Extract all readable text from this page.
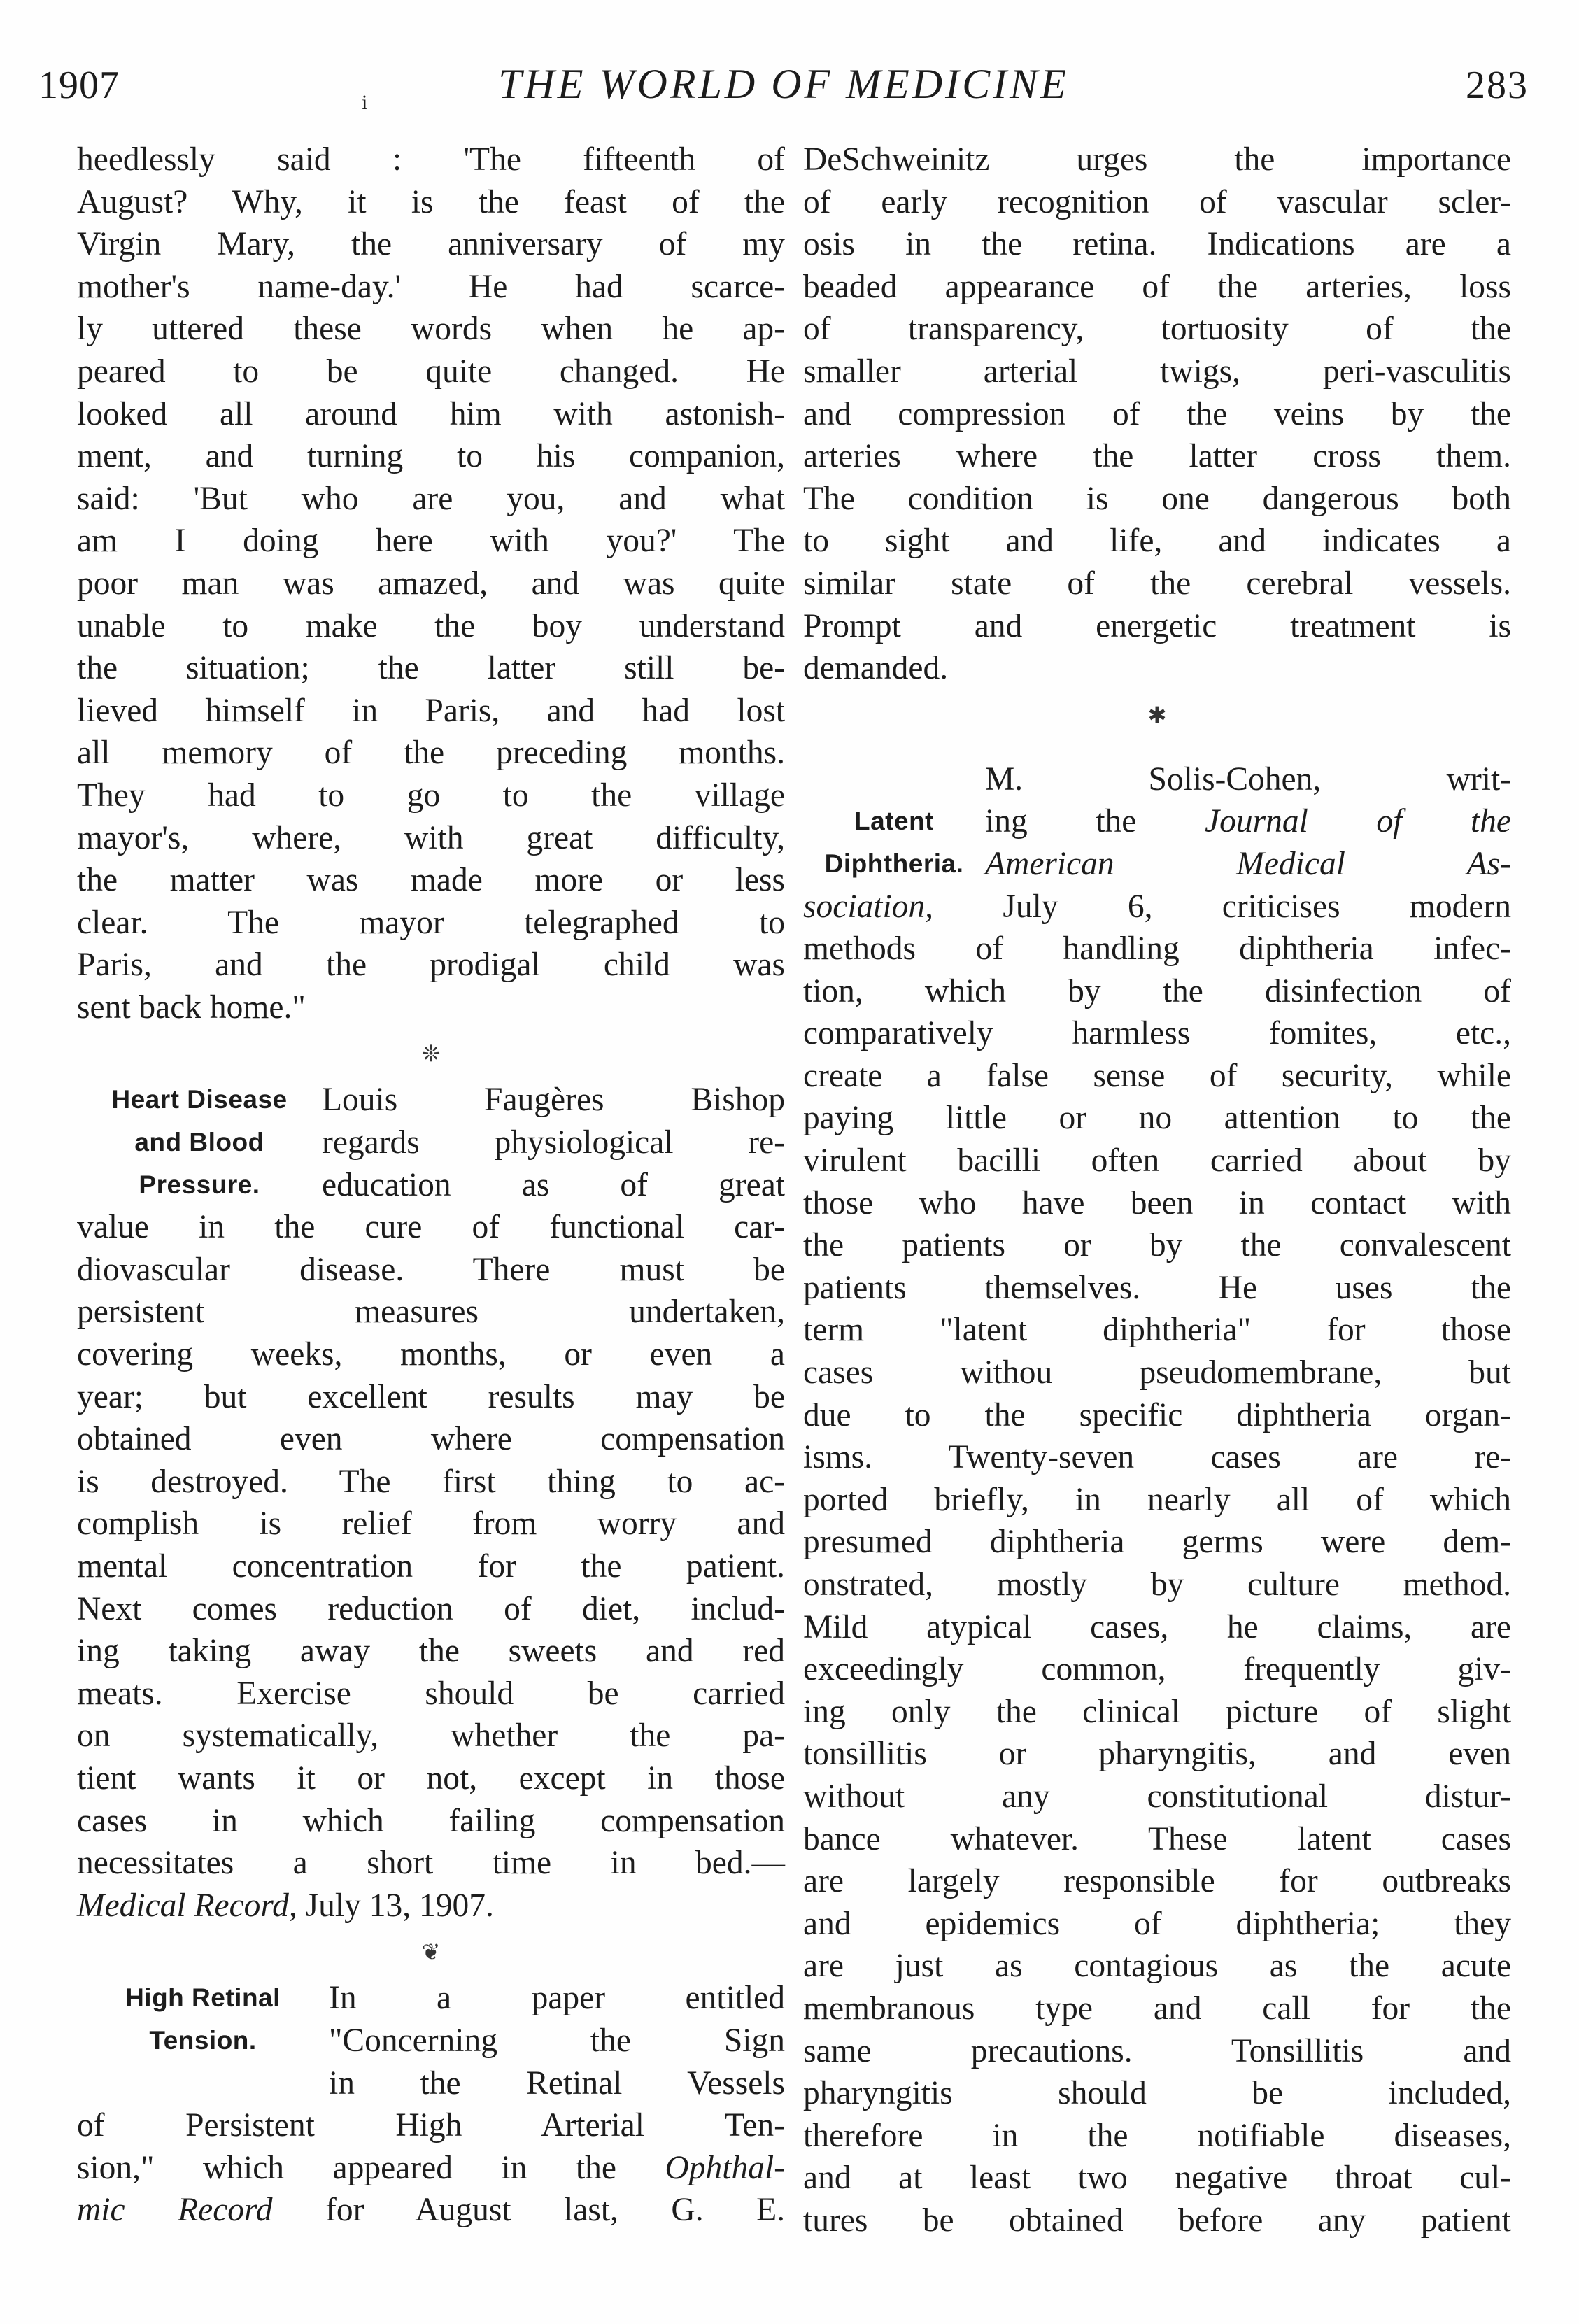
1907	i	THE WORLD OF MEDICINE	283
heedlessly said : 'The fifteenth of
August? Why, it is the feast of the
Virgin Mary, the anniversary of my
mother's name-day.' He had scarce-
ly uttered these words when he ap-
peared to be quite changed. He
looked all around him with astonish-
ment, and turning to his companion,
said: 'But who are you, and what
am I doing here with you?' The
poor man was amazed, and was quite
unable to make the boy understand
the situation; the latter still be-
lieved himself in Paris, and had lost
all memory of the preceding months.
They had to go to the village
mayor's, where, with great difficulty,
the matter was made more or less
clear. The mayor telegraphed to
Paris, and the prodigal child was
sent back home."
❊
Heart Disease	Louis Faugères Bishop
and Blood	regards physiological re-
Pressure.	education as of great
value in the cure of functional car-
diovascular disease. There must be
persistent measures undertaken,
covering weeks, months, or even a
year; but excellent results may be
obtained even where compensation
is destroyed. The first thing to ac-
complish is relief from worry and
mental concentration for the patient.
Next comes reduction of diet, includ-
ing taking away the sweets and red
meats. Exercise should be carried
on systematically, whether the pa-
tient wants it or not, except in those
cases in which failing compensation
necessitates a short time in bed.—
Medical Record, July 13, 1907.
❦
High Retinal	In a paper entitled
Tension.	"Concerning the Sign
in the Retinal Vessels
of Persistent High Arterial Ten-
sion," which appeared in the Ophthal-
mic Record for August last, G. E.
DeSchweinitz urges the importance
of early recognition of vascular scler-
osis in the retina. Indications are a
beaded appearance of the arteries, loss
of transparency, tortuosity of the
smaller arterial twigs, peri-vasculitis
and compression of the veins by the
arteries where the latter cross them.
The condition is one dangerous both
to sight and life, and indicates a
similar state of the cerebral vessels.
Prompt and energetic treatment is
demanded.
✱
M. Solis-Cohen, writ-
Latent	ing the Journal of the
Diphtheria. American Medical As-
sociation, July 6, criticises modern
methods of handling diphtheria infec-
tion, which by the disinfection of
comparatively harmless fomites, etc.,
create a false sense of security, while
paying little or no attention to the
virulent bacilli often carried about by
those who have been in contact with
the patients or by the convalescent
patients themselves. He uses the
term "latent diphtheria" for those
cases withou pseudomembrane, but
due to the specific diphtheria organ-
isms. Twenty-seven cases are re-
ported briefly, in nearly all of which
presumed diphtheria germs were dem-
onstrated, mostly by culture method.
Mild atypical cases, he claims, are
exceedingly common, frequently giv-
ing only the clinical picture of slight
tonsillitis or pharyngitis, and even
without any constitutional distur-
bance whatever. These latent cases
are largely responsible for outbreaks
and epidemics of diphtheria; they
are just as contagious as the acute
membranous type and call for the
same precautions. Tonsillitis and
pharyngitis should be included,
therefore in the notifiable diseases,
and at least two negative throat cul-
tures be obtained before any patient
